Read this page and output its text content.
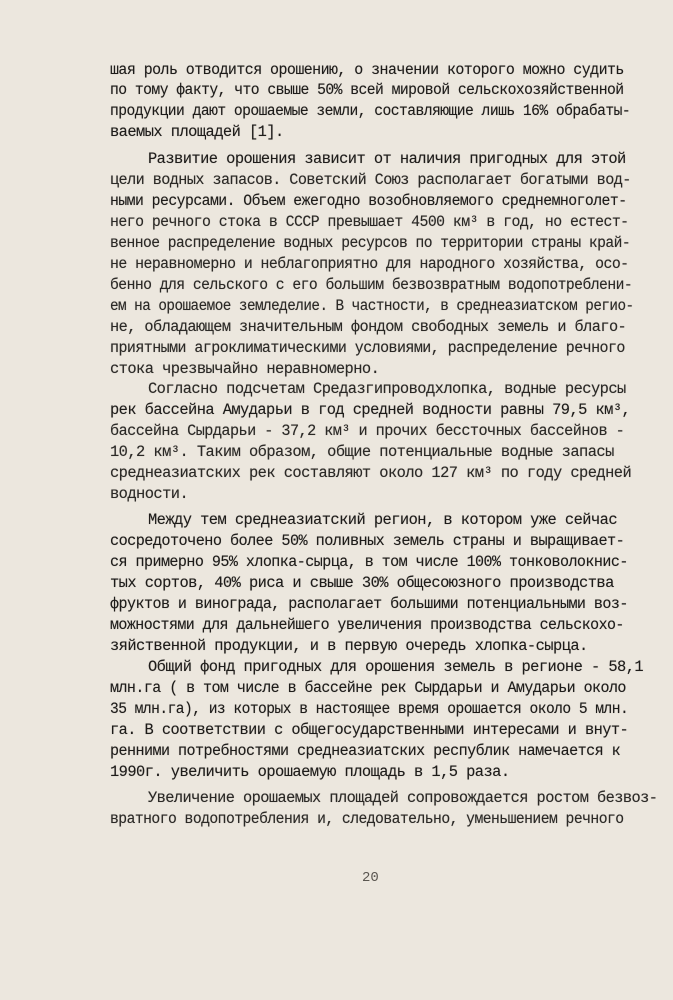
шая роль отводится орошению, о значении которого можно судить

по тому факту, что свыше 50% всей мировой сельскохозяйственной

продукции дают орошаемые земли, составляющие лишь 16% обрабаты-

ваемых площадей [1].

Развитие орошения зависит от наличия пригодных для этой

цели водных запасов. Советский Союз располагает богатыми вод-

ными ресурсами. Объем ежегодно возобновляемого среднемноголет-

него речного стока в СССР превышает 4500 км³ в год, но естест-

венное распределение водных ресурсов по территории страны край-

не неравномерно и неблагоприятно для народного хозяйства, осо-

бенно для сельского с его большим безвозвратным водопотреблени-

ем на орошаемое земледелие. В частности, в среднеазиатском регио-

не, обладающем значительным фондом свободных земель и благо-

приятными агроклиматическими условиями, распределение речного

стока чрезвычайно неравномерно.

Согласно подсчетам Средазгипроводхлопка, водные ресурсы

рек бассейна Амударьи в год средней водности равны 79,5 км³,

бассейна Сырдарьи - 37,2 км³ и прочих бессточных бассейнов -

10,2 км³. Таким образом, общие потенциальные водные запасы

среднеазиатских рек составляют около 127 км³ по году средней

водности.

Между тем среднеазиатский регион, в котором уже сейчас

сосредоточено более 50% поливных земель страны и выращивает-

ся примерно 95% хлопка-сырца, в том числе 100% тонковолокнис-

тых сортов, 40% риса и свыше 30% общесоюзного производства

фруктов и винограда, располагает большими потенциальными воз-

можностями для дальнейшего увеличения производства сельскохо-

зяйственной продукции, и в первую очередь хлопка-сырца.

Общий фонд пригодных для орошения земель в регионе - 58,1

млн.га ( в том числе в бассейне рек Сырдарьи и Амударьи около

35 млн.га), из которых в настоящее время орошается около 5 млн.

га. В соответствии с общегосударственными интересами и внут-

ренними потребностями среднеазиатских республик намечается к

1990г. увеличить орошаемую площадь в 1,5 раза.

Увеличение орошаемых площадей сопровождается ростом безвоз-

вратного водопотребления и, следовательно, уменьшением речного

20
